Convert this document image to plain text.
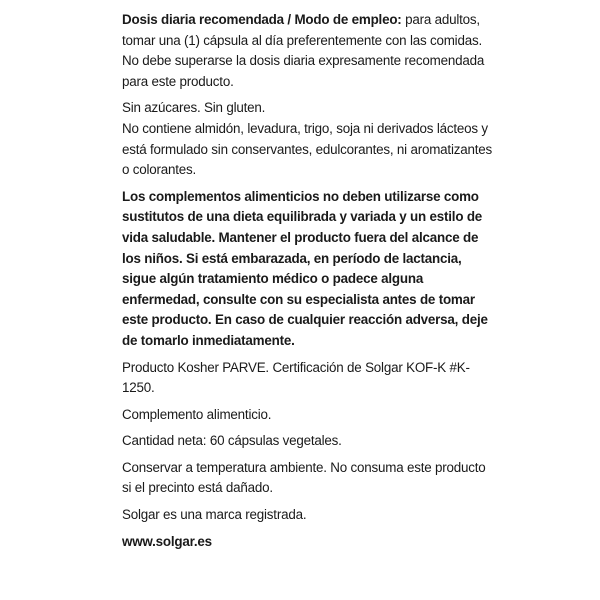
Dosis diaria recomendada / Modo de empleo: para adultos, tomar una (1) cápsula al día preferentemente con las comidas. No debe superarse la dosis diaria expresamente recomendada para este producto.

Sin azúcares. Sin gluten.
No contiene almidón, levadura, trigo, soja ni derivados lácteos y está formulado sin conservantes, edulcorantes, ni aromatizantes o colorantes.

Los complementos alimenticios no deben utilizarse como sustitutos de una dieta equilibrada y variada y un estilo de vida saludable. Mantener el producto fuera del alcance de los niños. Si está embarazada, en período de lactancia, sigue algún tratamiento médico o padece alguna enfermedad, consulte con su especialista antes de tomar este producto. En caso de cualquier reacción adversa, deje de tomarlo inmediatamente.

Producto Kosher PARVE. Certificación de Solgar KOF-K #K-1250.

Complemento alimenticio.

Cantidad neta: 60 cápsulas vegetales.

Conservar a temperatura ambiente. No consuma este producto si el precinto está dañado.

Solgar es una marca registrada.

www.solgar.es
